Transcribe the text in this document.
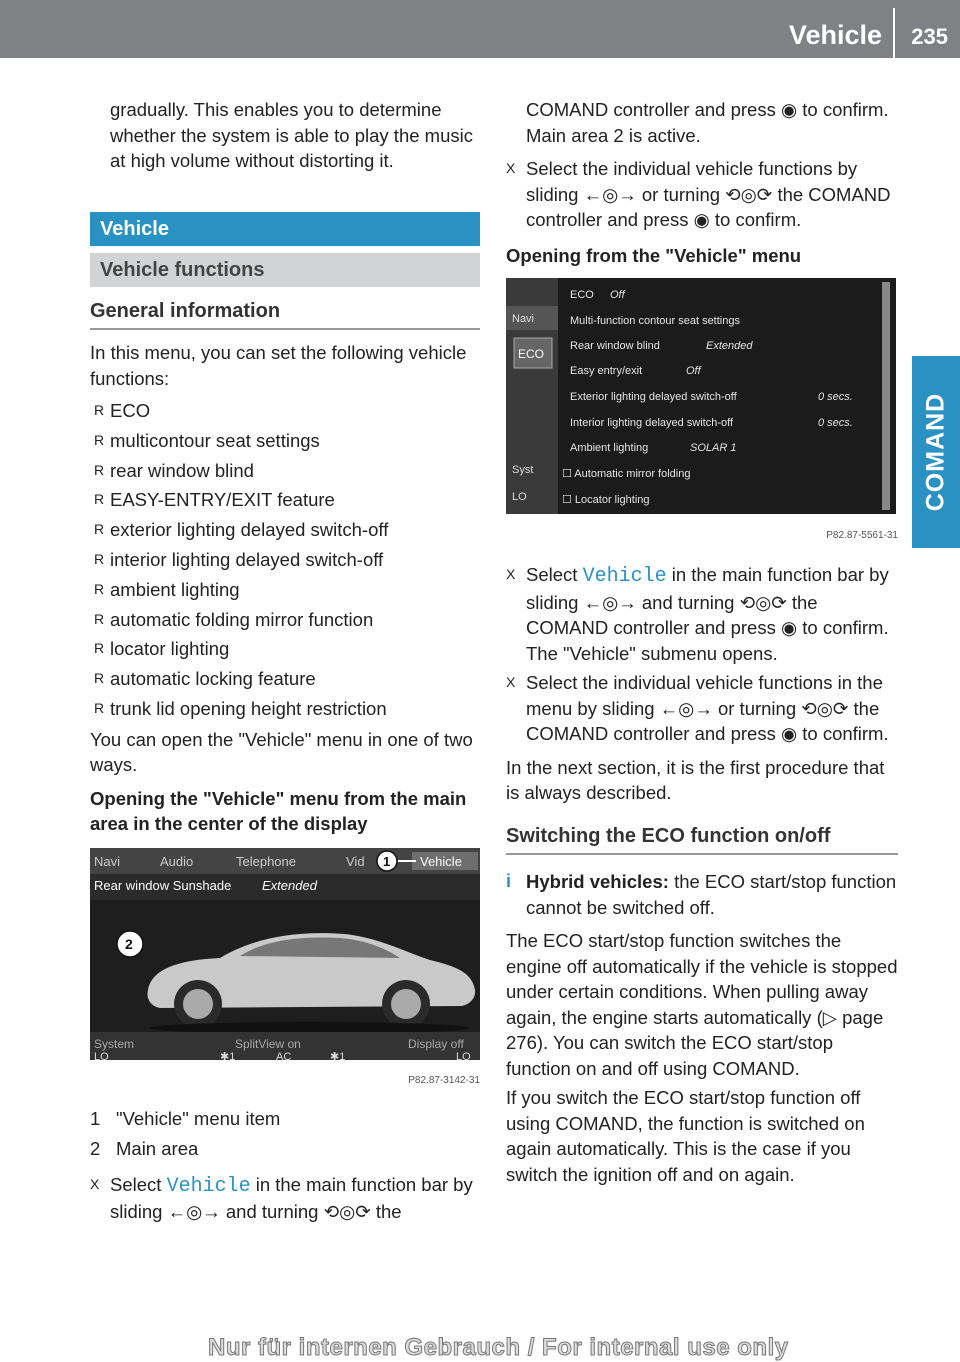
Vehicle 235
COMAND

gradually. This enables you to determine whether the system is able to play the music at high volume without distorting it.

Vehicle
Vehicle functions
General information

In this menu, you can set the following vehicle functions:

R ECO
R multicontour seat settings
R rear window blind
R EASY-ENTRY/EXIT feature
R exterior lighting delayed switch-off
R interior lighting delayed switch-off
R ambient lighting
R automatic folding mirror function
R locator lighting
R automatic locking feature
R trunk lid opening height restriction

You can open the "Vehicle" menu in one of two ways.

Opening the "Vehicle" menu from the main area in the center of the display

Navi	Audio	Telephone	Vid	Vehicle
1
Rear window Sunshade Extended
2
System	SplitView on	Display off
LO	✱1	AC	✱1	LO
P82.87-3142-31

1 "Vehicle" menu item

2 Main area

X Select Vehicle in the main function bar by sliding ←◎→ and turning ⟲◎⟳ the

COMAND controller and press ◉ to confirm.

Main area 2 is active.

X Select the individual vehicle functions by sliding ←◎→ or turning ⟲◎⟳ the COMAND controller and press ◉ to confirm.

Opening from the "Vehicle" menu

Navi
ECO
Syst
LO
ECO Off
Multi-function contour seat settings
Rear window blind	Extended
Easy entry/exit	Off
Exterior lighting delayed switch-off	0 secs.
Interior lighting delayed switch-off	0 secs.
Ambient lighting	SOLAR 1
☐ Automatic mirror folding
☐ Locator lighting
P82.87-5561-31
X Select Vehicle in the main function bar by sliding ←◎→ and turning ⟲◎⟳ the COMAND controller and press ◉ to confirm.

The "Vehicle" submenu opens.

X Select the individual vehicle functions in the menu by sliding ←◎→ or turning ⟲◎⟳ the COMAND controller and press ◉ to confirm.

In the next section, it is the first procedure that is always described.

Switching the ECO function on/off
i Hybrid vehicles: the ECO start/stop function cannot be switched off.

The ECO start/stop function switches the engine off automatically if the vehicle is stopped under certain conditions. When pulling away again, the engine starts automatically (▷ page 276). You can switch the ECO start/stop function on and off using COMAND.

If you switch the ECO start/stop function off using COMAND, the function is switched on again automatically. This is the case if you switch the ignition off and on again.

Nur für internen Gebrauch / For internal use only
